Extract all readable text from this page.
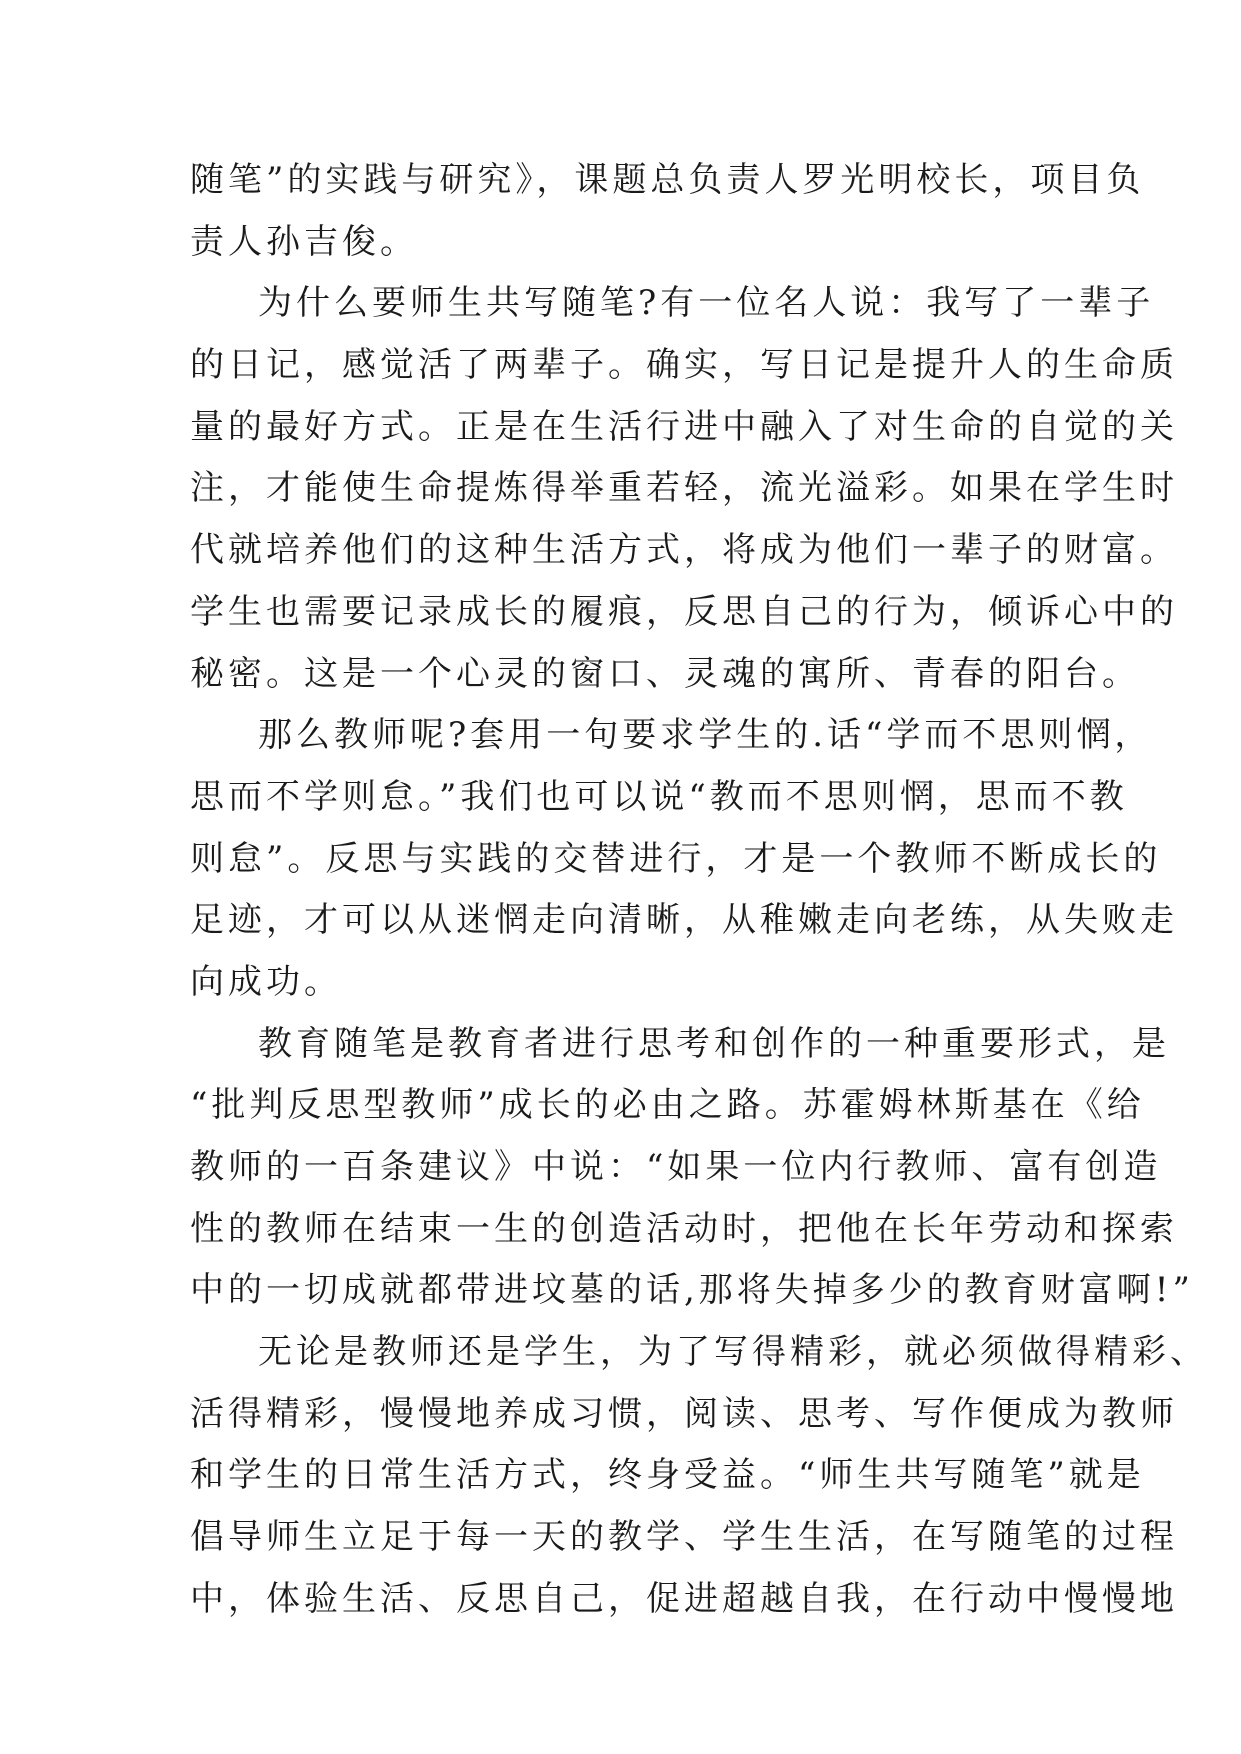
随笔”的实践与研究》，课题总负责人罗光明校长，项目负
责人孙吉俊。
为什么要师生共写随笔?有一位名人说：我写了一辈子
的日记，感觉活了两辈子。确实，写日记是提升人的生命质
量的最好方式。正是在生活行进中融入了对生命的自觉的关
注，才能使生命提炼得举重若轻，流光溢彩。如果在学生时
代就培养他们的这种生活方式，将成为他们一辈子的财富。
学生也需要记录成长的履痕，反思自己的行为，倾诉心中的
秘密。这是一个心灵的窗口、灵魂的寓所、青春的阳台。
那么教师呢?套用一句要求学生的.话“学而不思则惘，
思而不学则怠。”我们也可以说“教而不思则惘，思而不教
则怠”。反思与实践的交替进行，才是一个教师不断成长的
足迹，才可以从迷惘走向清晰，从稚嫩走向老练，从失败走
向成功。
教育随笔是教育者进行思考和创作的一种重要形式，是
“批判反思型教师”成长的必由之路。苏霍姆林斯基在《给
教师的一百条建议》中说：“如果一位内行教师、富有创造
性的教师在结束一生的创造活动时，把他在长年劳动和探索
中的一切成就都带进坟墓的话,那将失掉多少的教育财富啊!”
无论是教师还是学生，为了写得精彩，就必须做得精彩、
活得精彩，慢慢地养成习惯，阅读、思考、写作便成为教师
和学生的日常生活方式，终身受益。“师生共写随笔”就是
倡导师生立足于每一天的教学、学生生活，在写随笔的过程
中，体验生活、反思自己，促进超越自我，在行动中慢慢地
